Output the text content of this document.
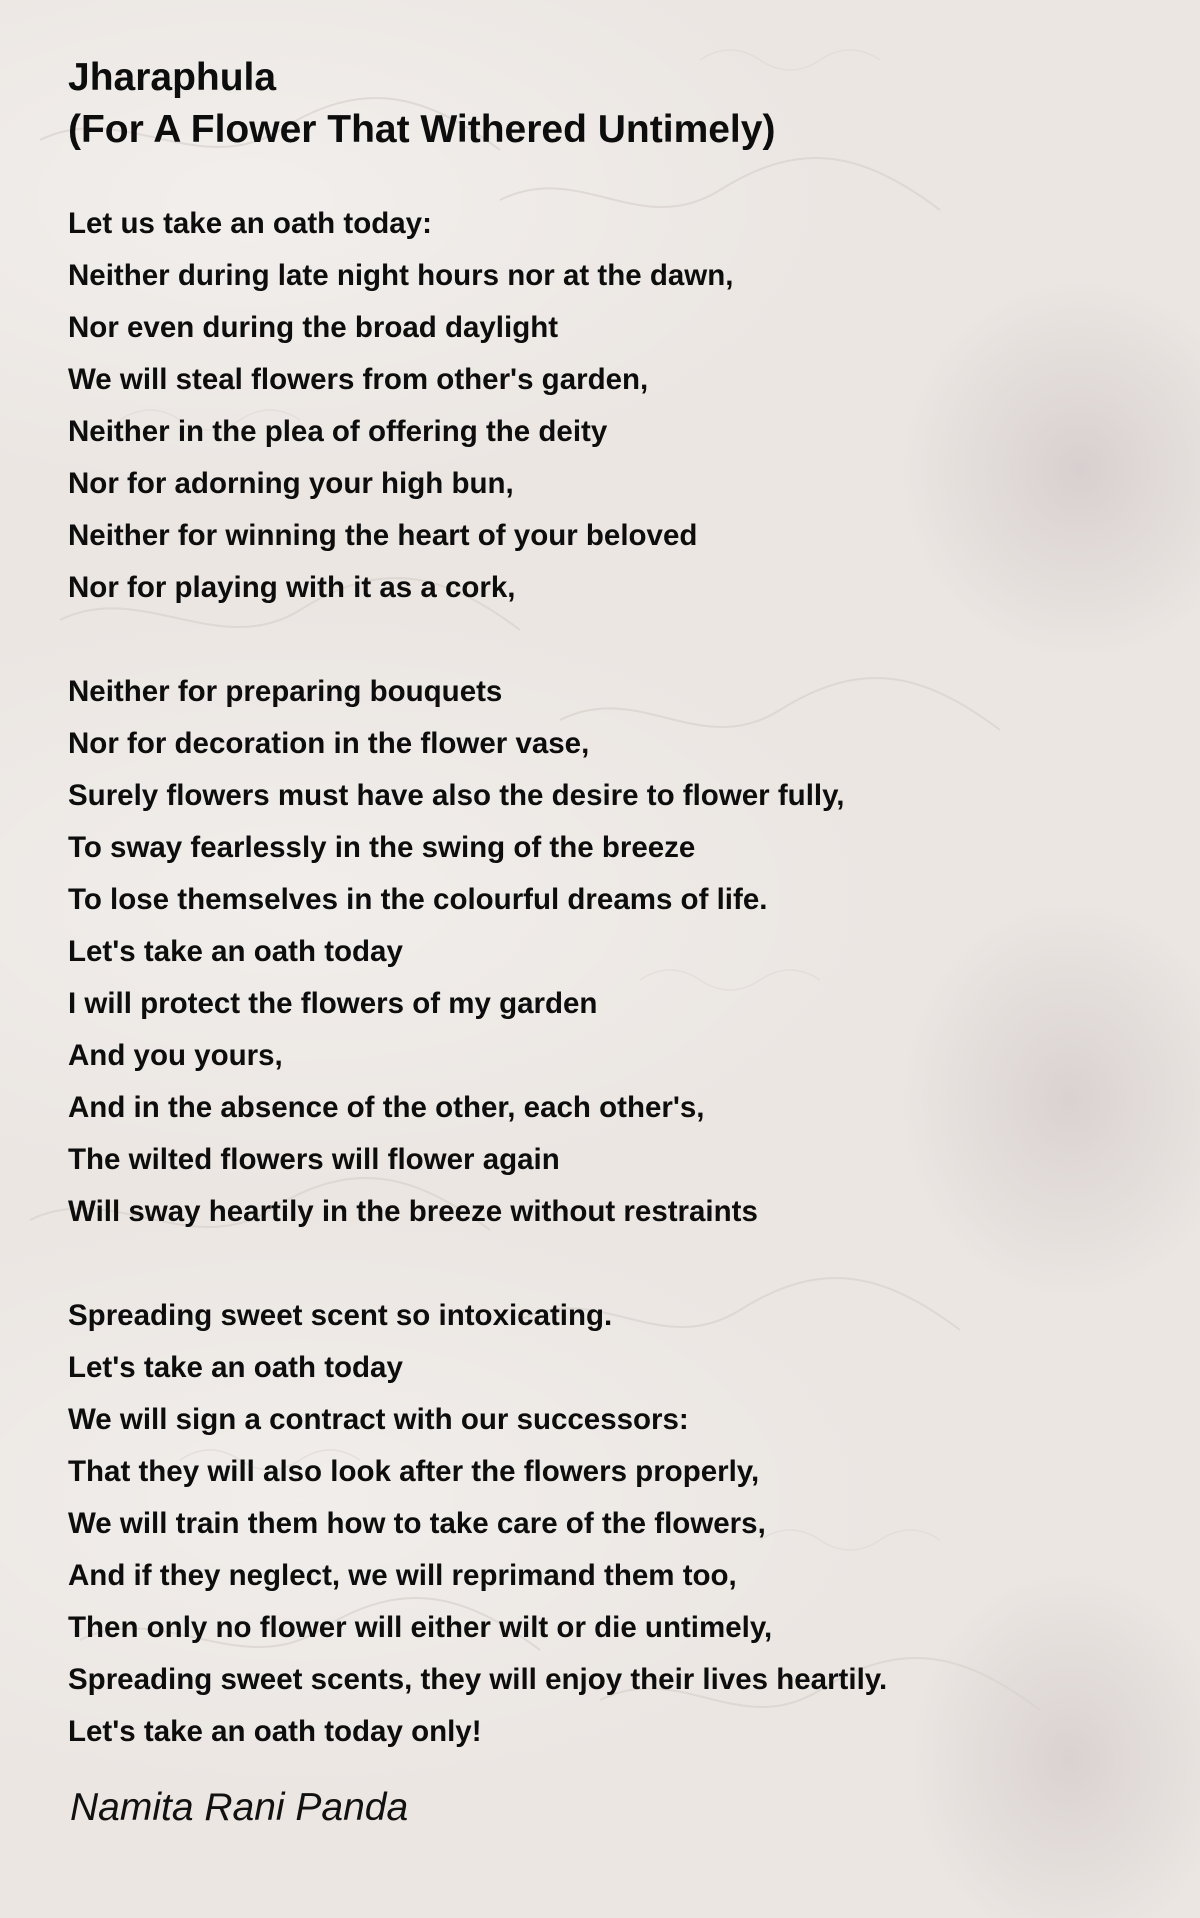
Jharaphula
(For A Flower That Withered Untimely)
Let us take an oath today:
Neither during late night hours nor at the dawn,
Nor even during the broad daylight
We will steal flowers from other's garden,
Neither in the plea of offering the deity
Nor for adorning your high bun,
Neither for winning the heart of your beloved
Nor for playing with it as a cork,
Neither for preparing bouquets
Nor for decoration in the flower vase,
Surely flowers must have also the desire to flower fully,
To sway fearlessly in the swing of the breeze
To lose themselves in the colourful dreams of life.
Let's take an oath today
I will protect the flowers of my garden
And you yours,
And in the absence of the other, each other's,
The wilted flowers will flower again
Will sway heartily in the breeze without restraints
Spreading sweet scent so intoxicating.
Let's take an oath today
We will sign a contract with our successors:
That they will also look after the flowers properly,
We will train them how to take care of the flowers,
And if they neglect, we will reprimand them too,
Then only no flower will either wilt or die untimely,
Spreading sweet scents, they will enjoy their lives heartily.
Let's take an oath today only!
Namita Rani Panda
